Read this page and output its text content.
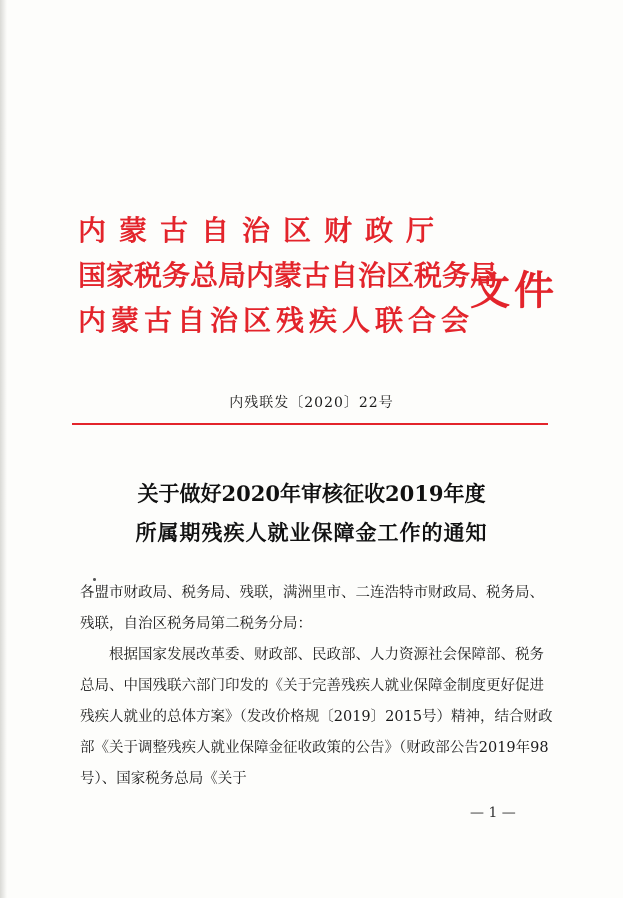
内蒙古自治区财政厅
国家税务总局内蒙古自治区税务局
内蒙古自治区残疾人联合会
文件
内残联发〔2020〕22号
关于做好2020年审核征收2019年度
所属期残疾人就业保障金工作的通知

各盟市财政局、税务局、残联，满洲里市、二连浩特市财政局、税务局、残联，自治区税务局第二税务分局：

根据国家发展改革委、财政部、民政部、人力资源社会保障部、税务总局、中国残联六部门印发的《关于完善残疾人就业保障金制度更好促进残疾人就业的总体方案》（发改价格规〔2019〕2015号）精神，结合财政部《关于调整残疾人就业保障金征收政策的公告》（财政部公告2019年98号）、国家税务总局《关于

— 1 —
